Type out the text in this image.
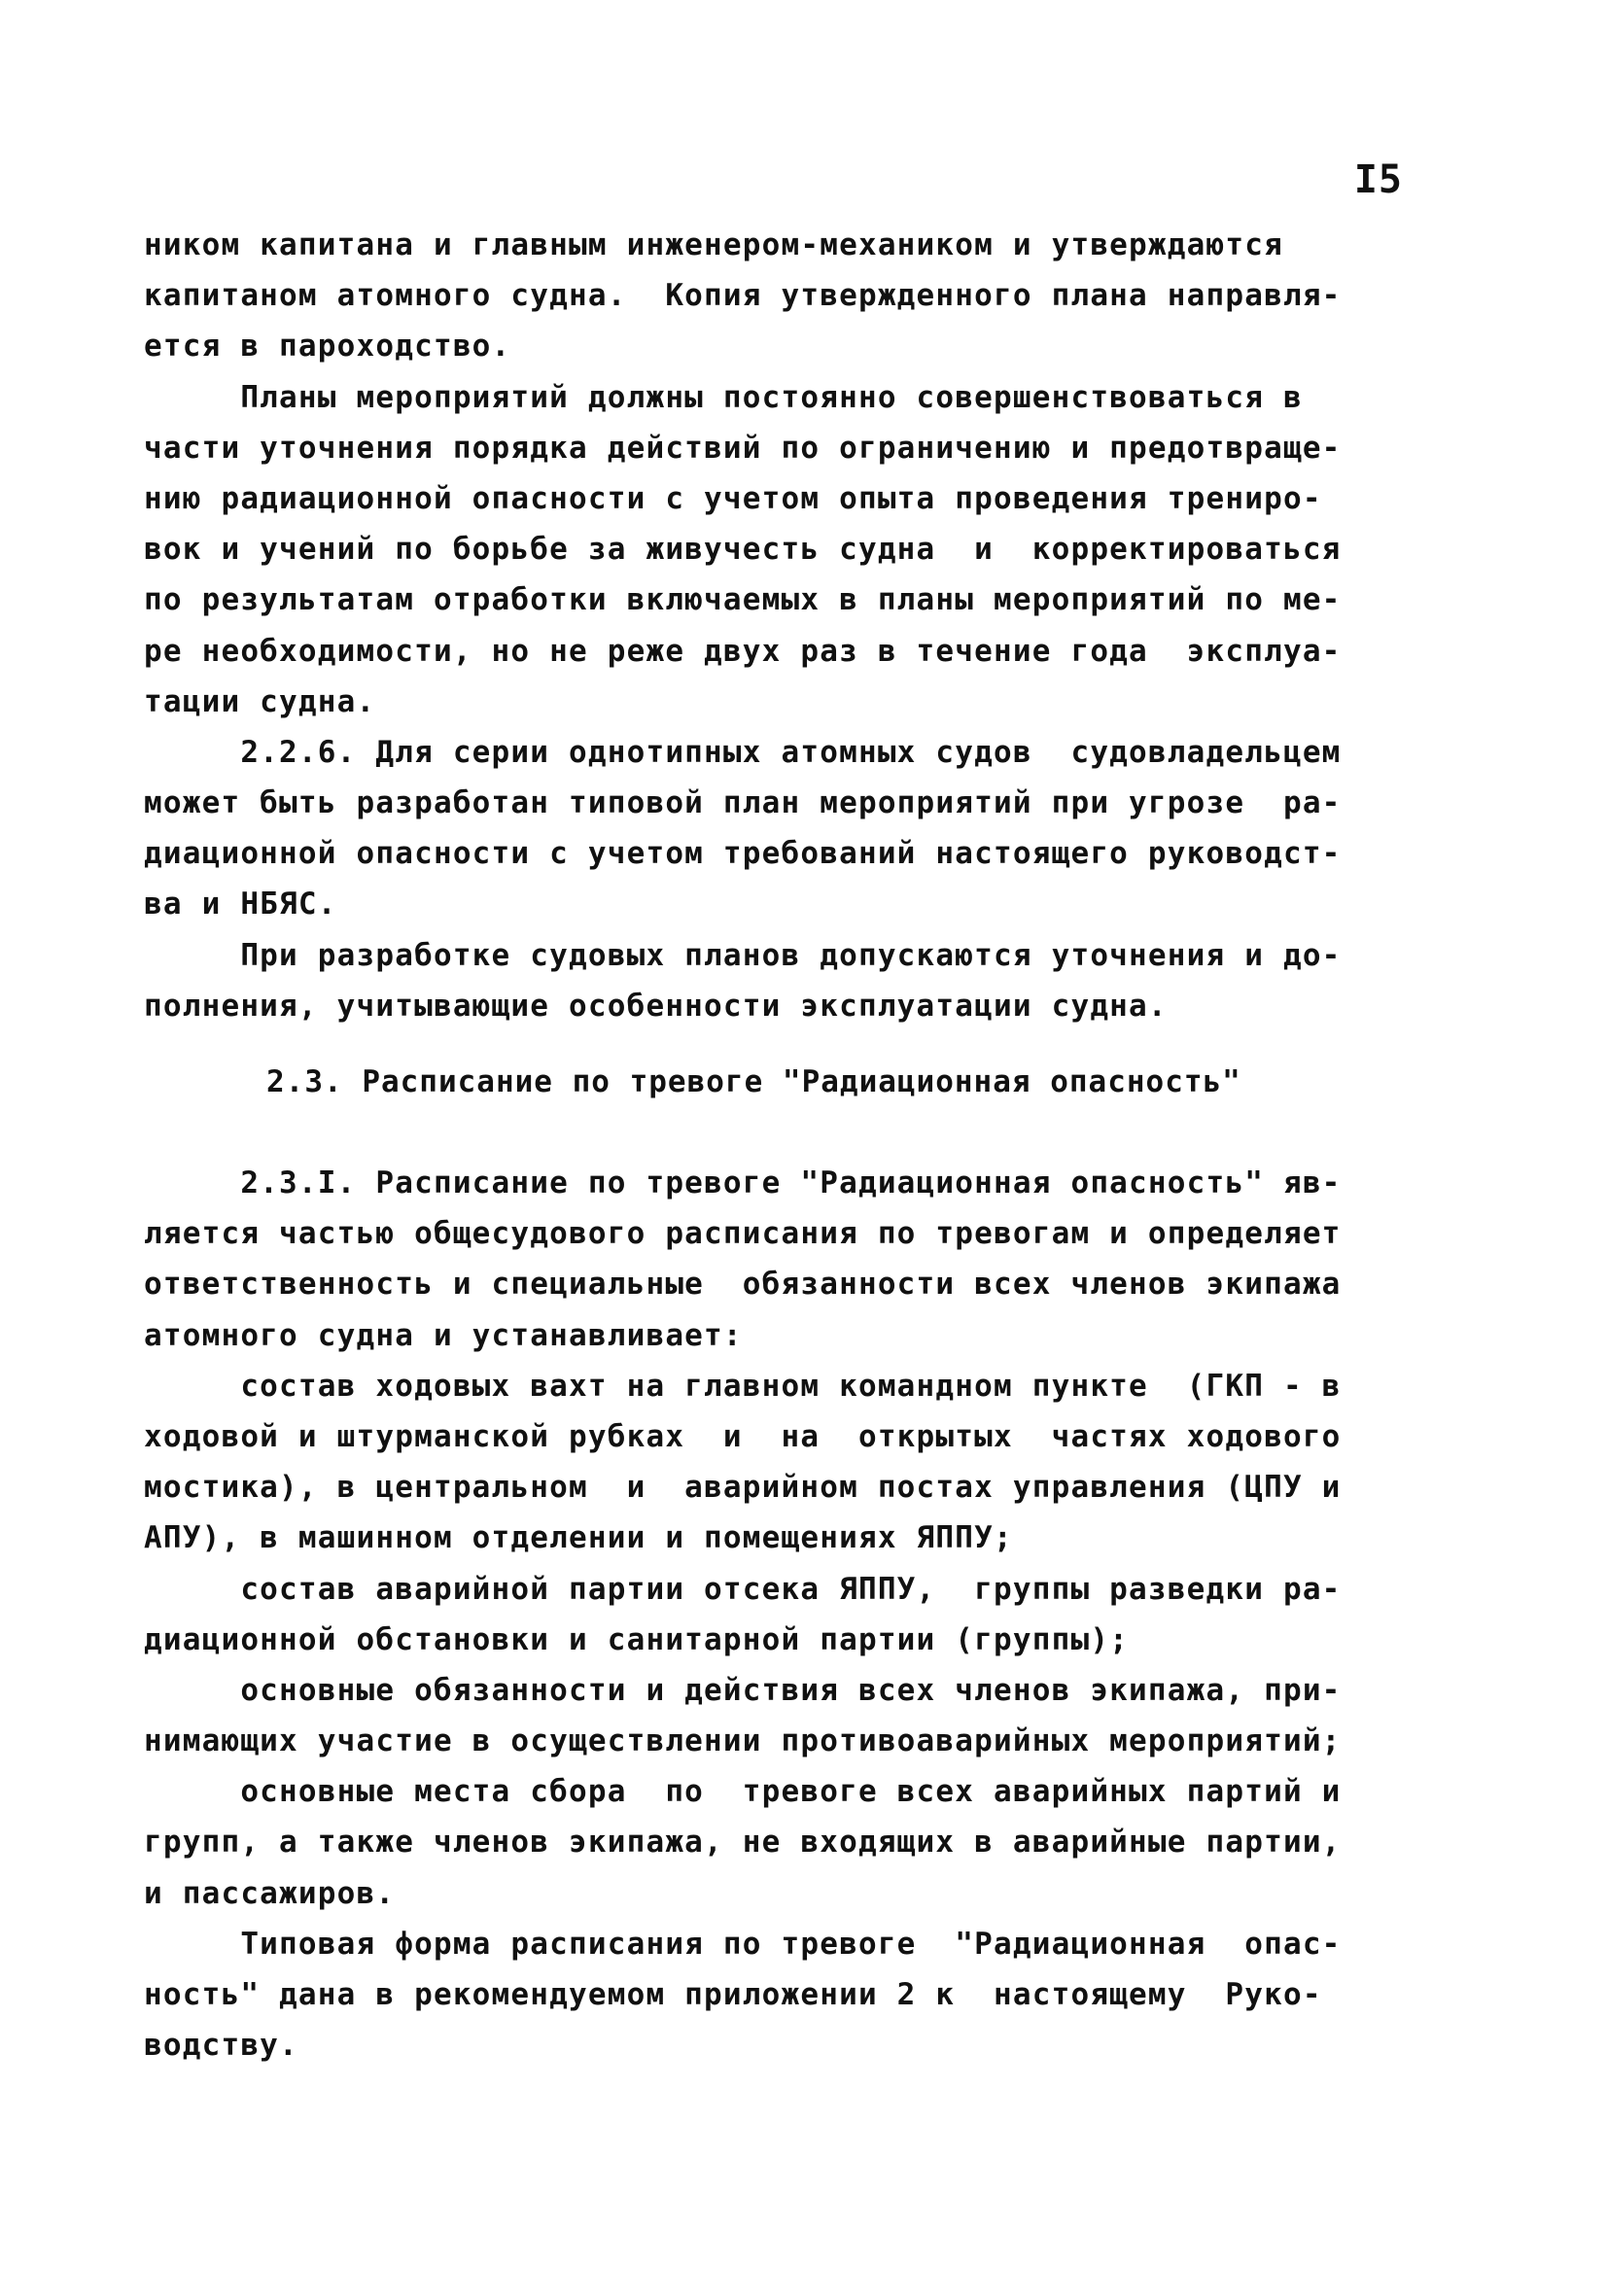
I5
ником капитана и главным инженером-механиком и утверждаются
капитаном атомного судна.  Копия утвержденного плана направля-
ется в пароходство.
Планы мероприятий должны постоянно совершенствоваться в
части уточнения порядка действий по ограничению и предотвраще-
нию радиационной опасности с учетом опыта проведения трениро-
вок и учений по борьбе за живучесть судна  и  корректироваться
по результатам отработки включаемых в планы мероприятий по ме-
ре необходимости, но не реже двух раз в течение года  эксплуа-
тации судна.
2.2.6. Для серии однотипных атомных судов  судовладельцем
может быть разработан типовой план мероприятий при угрозе  ра-
диационной опасности с учетом требований настоящего руководст-
ва и НБЯС.
При разработке судовых планов допускаются уточнения и до-
полнения, учитывающие особенности эксплуатации судна.
2.3. Расписание по тревоге "Радиационная опасность"
2.3.I. Расписание по тревоге "Радиационная опасность" яв-
ляется частью общесудового расписания по тревогам и определяет
ответственность и специальные  обязанности всех членов экипажа
атомного судна и устанавливает:
состав ходовых вахт на главном командном пункте  (ГКП - в
ходовой и штурманской рубках  и  на  открытых  частях ходового
мостика), в центральном  и  аварийном постах управления (ЦПУ и
АПУ), в машинном отделении и помещениях ЯППУ;
состав аварийной партии отсека ЯППУ,  группы разведки ра-
диационной обстановки и санитарной партии (группы);
основные обязанности и действия всех членов экипажа, при-
нимающих участие в осуществлении противоаварийных мероприятий;
основные места сбора  по  тревоге всех аварийных партий и
групп, а также членов экипажа, не входящих в аварийные партии,
и пассажиров.
Типовая форма расписания по тревоге  "Радиационная  опас-
ность" дана в рекомендуемом приложении 2 к  настоящему  Руко-
водству.
